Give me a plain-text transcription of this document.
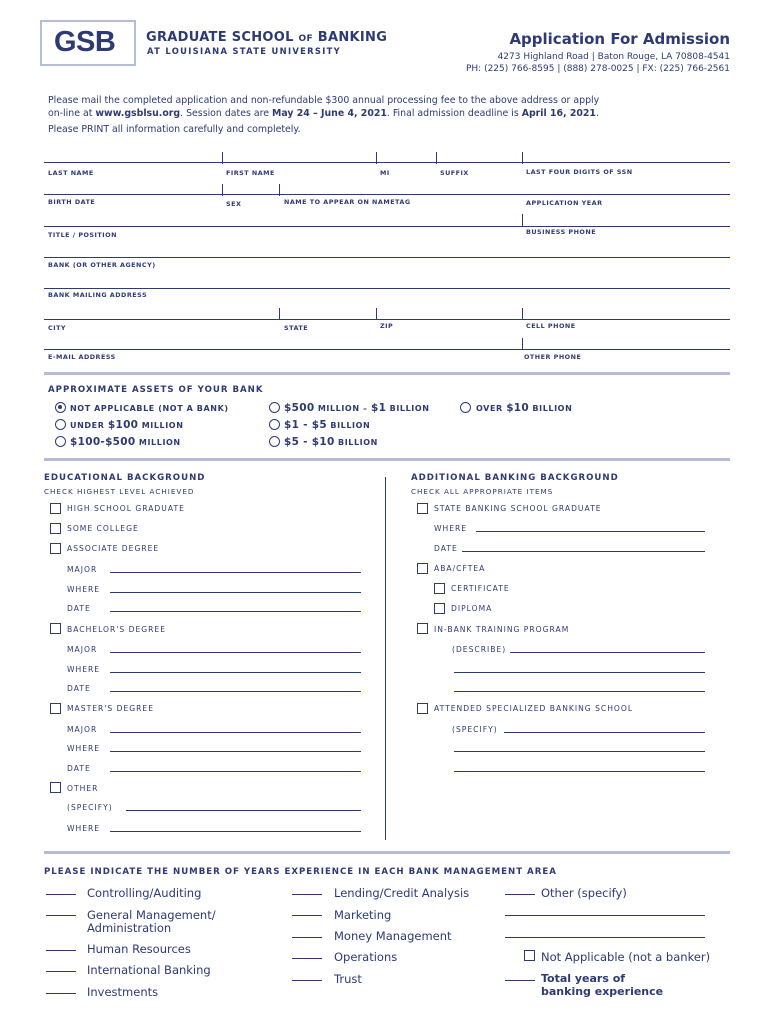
GSB	GRADUATE SCHOOL OF BANKING
AT LOUISIANA STATE UNIVERSITY
Application For Admission
4273 Highland Road | Baton Rouge, LA 70808-4541
PH: (225) 766-8595 | (888) 278-0025 | FX: (225) 766-2561
Please mail the completed application and non-refundable $300 annual processing fee to the above address or apply
on-line at www.gsblsu.org. Session dates are May 24 – June 4, 2021. Final admission deadline is April 16, 2021.
Please PRINT all information carefully and completely.
LAST NAME	FIRST NAME	MI	SUFFIX	LAST FOUR DIGITS OF SSN
BIRTH DATE	SEX	NAME TO APPEAR ON NAMETAG	APPLICATION YEAR
TITLE / POSITION	BUSINESS PHONE
BANK (OR OTHER AGENCY)
BANK MAILING ADDRESS
CITY	STATE	ZIP	CELL PHONE
E-MAIL ADDRESS	OTHER PHONE
APPROXIMATE ASSETS OF YOUR BANK
NOT APPLICABLE (NOT A BANK)
UNDER $100 MILLION
$100-$500 MILLION
$500 MILLION – $1 BILLION
$1 - $5 BILLION
$5 - $10 BILLION
OVER $10 BILLION
EDUCATIONAL BACKGROUND
CHECK HIGHEST LEVEL ACHIEVED
HIGH SCHOOL GRADUATE
SOME COLLEGE
ASSOCIATE DEGREE
MAJOR
WHERE
DATE
BACHELOR'S DEGREE
MAJOR
WHERE
DATE
MASTER'S DEGREE
MAJOR
WHERE
DATE
OTHER
(SPECIFY)
WHERE
ADDITIONAL BANKING BACKGROUND
CHECK ALL APPROPRIATE ITEMS
STATE BANKING SCHOOL GRADUATE
WHERE
DATE
ABA/CFTEA
CERTIFICATE
DIPLOMA
IN-BANK TRAINING PROGRAM
(DESCRIBE)
ATTENDED SPECIALIZED BANKING SCHOOL
(SPECIFY)
PLEASE INDICATE THE NUMBER OF YEARS EXPERIENCE IN EACH BANK MANAGEMENT AREA
Controlling/Auditing
General Management/
Administration
Human Resources
International Banking
Investments
Lending/Credit Analysis
Marketing
Money Management
Operations
Trust
Other (specify)
Not Applicable (not a banker)
Total years of
banking experience
